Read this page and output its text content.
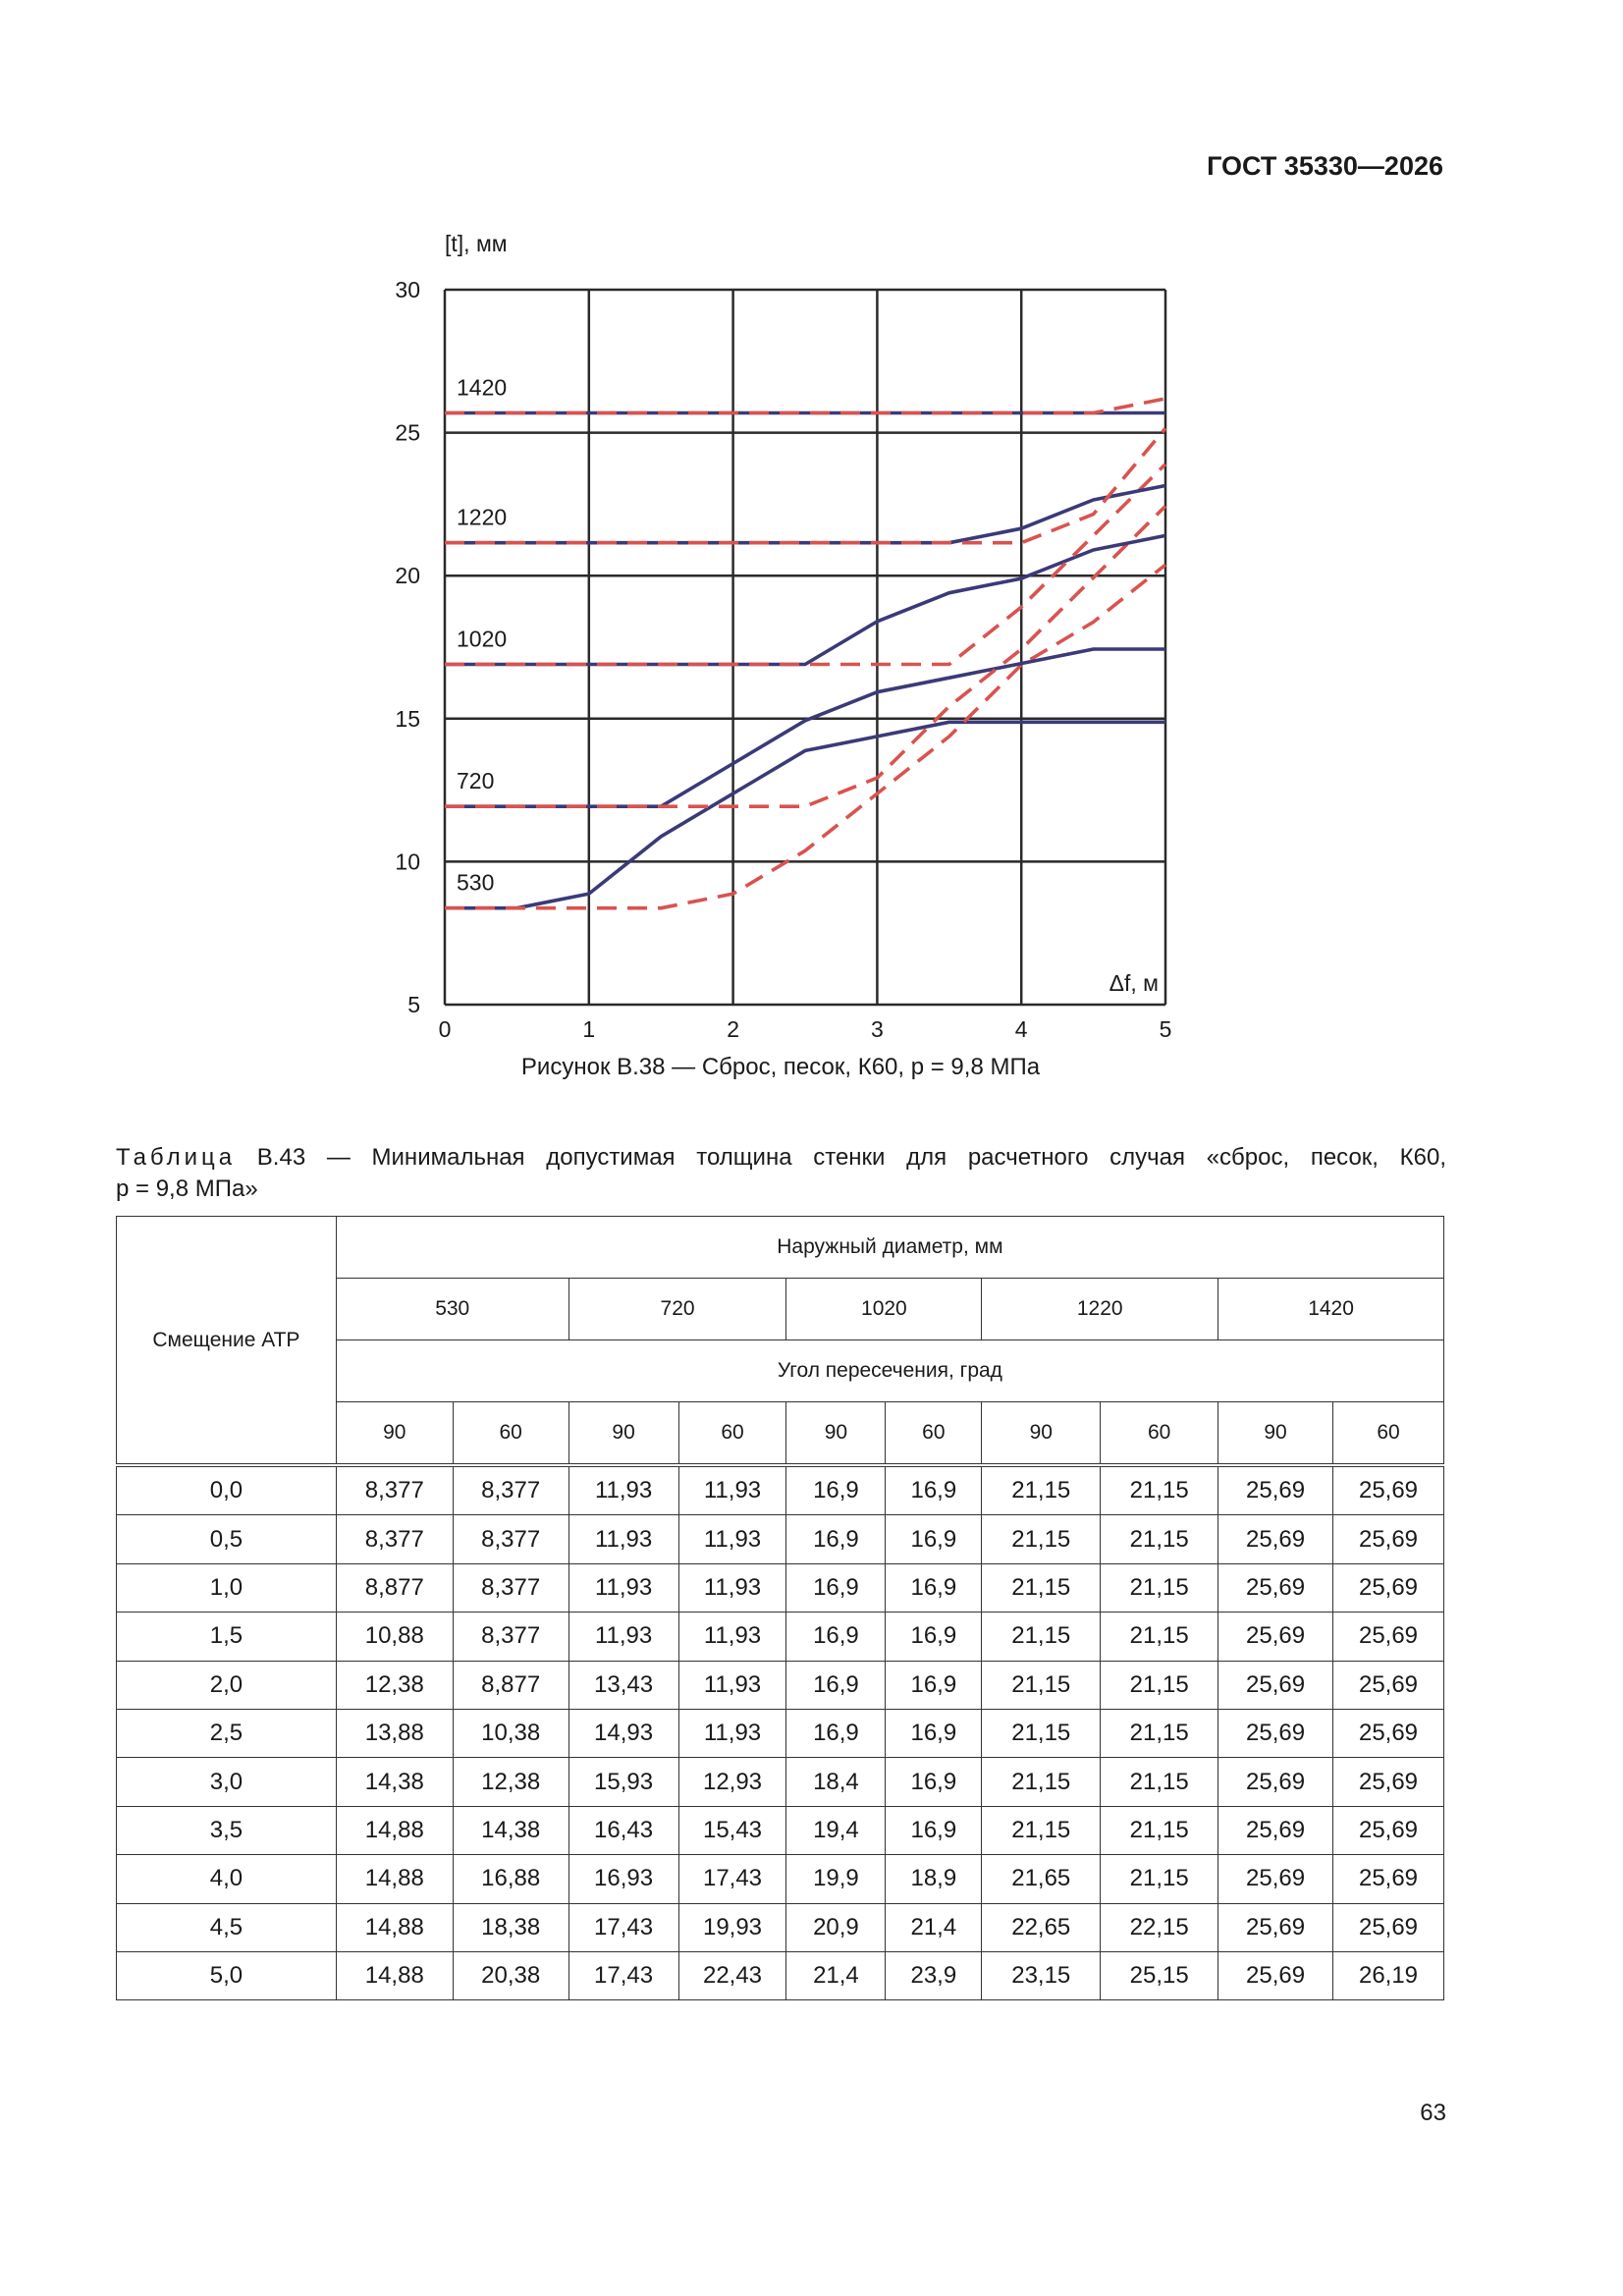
ГОСТ 35330—2026
0	1	2	3	4	5
5
10
15
20
25
30
[t], мм
Δf, м
1420
1220
1020
720
530
Рисунок В.38 — Сброс, песок, К60, p = 9,8 МПа
Таблица В.43 — Минимальная допустимая толщина стенки для расчетного случая «сброс, песок, К60,
p = 9,8 МПа»
Смещение АТР	Наружный диаметр, мм									
	530		720		1020		1220		1420	
	Угол пересечения, град									
	90	60	90	60	90	60	90	60	90	60
0,0	8,377	8,377	11,93	11,93	16,9	16,9	21,15	21,15	25,69	25,69
0,5	8,377	8,377	11,93	11,93	16,9	16,9	21,15	21,15	25,69	25,69
1,0	8,877	8,377	11,93	11,93	16,9	16,9	21,15	21,15	25,69	25,69
1,5	10,88	8,377	11,93	11,93	16,9	16,9	21,15	21,15	25,69	25,69
2,0	12,38	8,877	13,43	11,93	16,9	16,9	21,15	21,15	25,69	25,69
2,5	13,88	10,38	14,93	11,93	16,9	16,9	21,15	21,15	25,69	25,69
3,0	14,38	12,38	15,93	12,93	18,4	16,9	21,15	21,15	25,69	25,69
3,5	14,88	14,38	16,43	15,43	19,4	16,9	21,15	21,15	25,69	25,69
4,0	14,88	16,88	16,93	17,43	19,9	18,9	21,65	21,15	25,69	25,69
4,5	14,88	18,38	17,43	19,93	20,9	21,4	22,65	22,15	25,69	25,69
5,0	14,88	20,38	17,43	22,43	21,4	23,9	23,15	25,15	25,69	26,19
63
